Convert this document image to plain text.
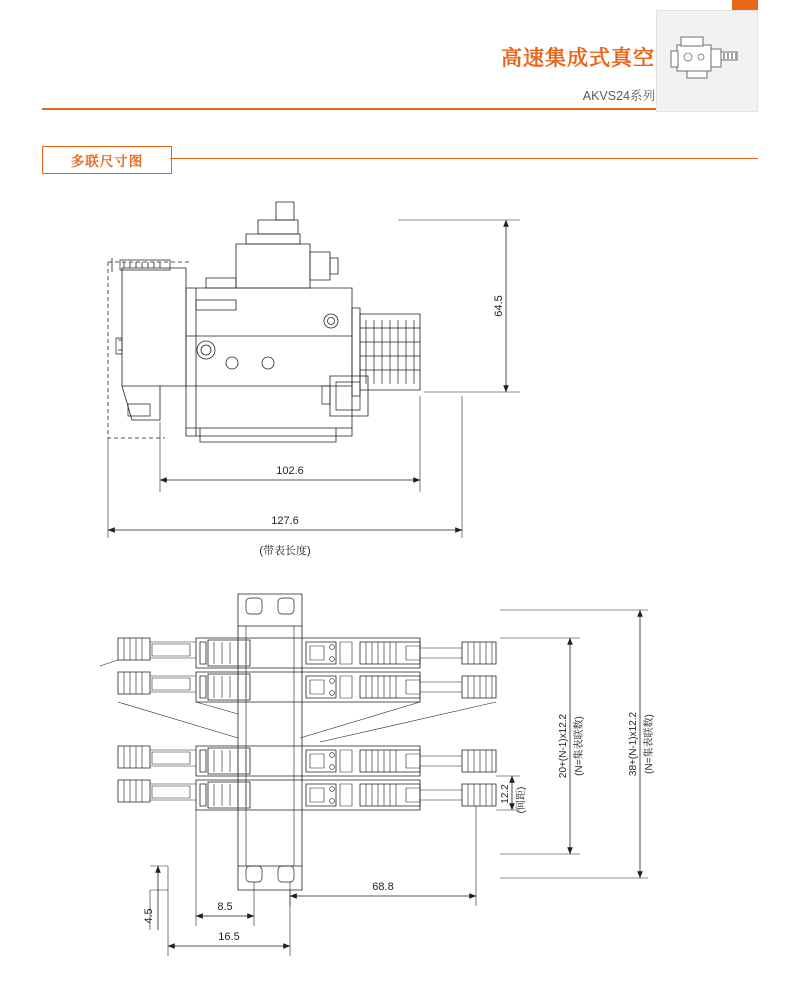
高速集成式真空
AKVS24系列
多联尺寸图
64.5
102.6
127.6
(带表长度)
12.2 (间距)
20+(N-1)x12.2 (N=集表联数)	38+(N-1)x12.2 (N=集表联数)
68.8
8.5
16.5
4.5
